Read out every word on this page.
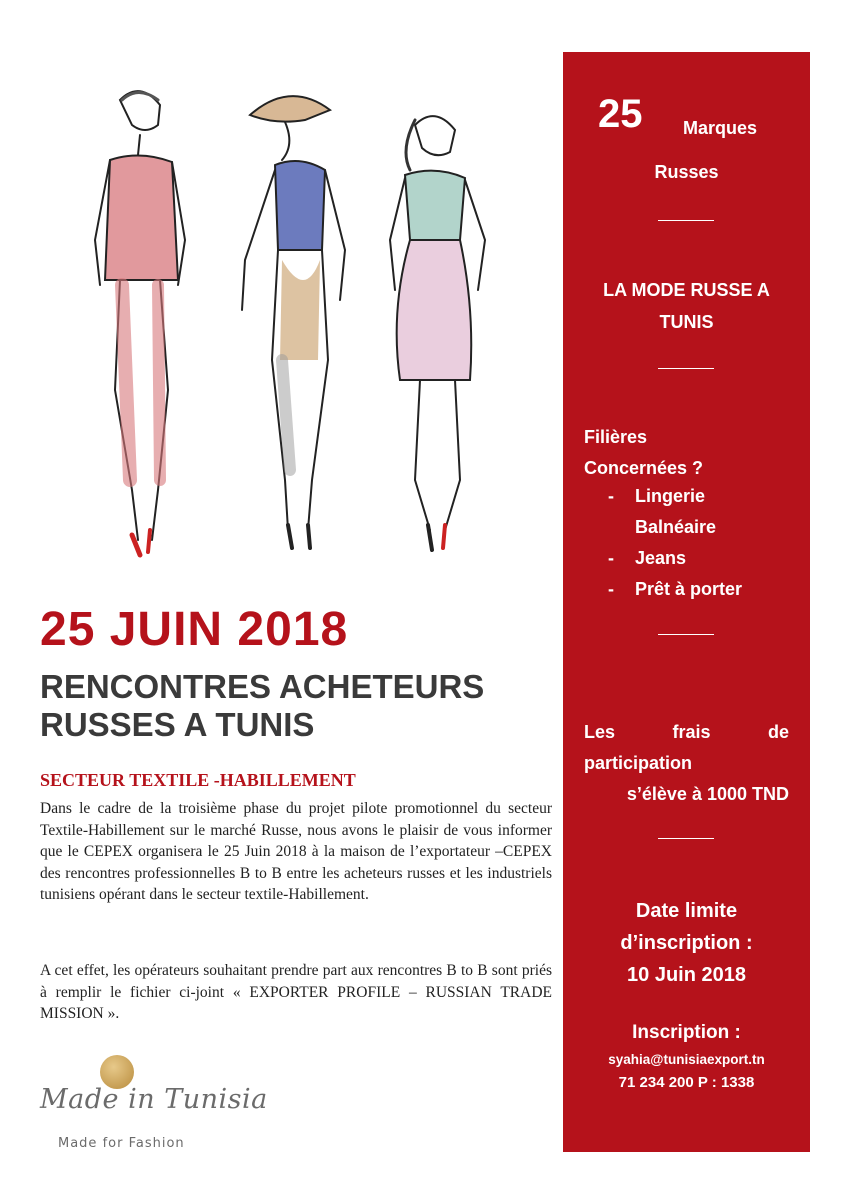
25 JUIN 2018
RENCONTRES ACHETEURS
RUSSES A TUNIS
SECTEUR TEXTILE -HABILLEMENT

Dans le cadre de la troisième phase du projet pilote promotionnel du secteur Textile-Habillement sur le marché Russe, nous avons le plaisir de vous informer que le CEPEX organisera le 25 Juin 2018 à la maison de l’exportateur –CEPEX des rencontres professionnelles B to B entre les acheteurs russes et les industriels tunisiens opérant dans le secteur textile-Habillement.

A cet effet, les opérateurs souhaitant prendre part aux rencontres B to B sont priés à remplir le fichier ci-joint « EXPORTER PROFILE – RUSSIAN TRADE MISSION ».

Made in Tunisia
Made for Fashion
25 Marques

Russes

LA MODE RUSSE A
TUNIS

Filières
Concernées ?

- Lingerie
Balnéaire
- Jeans
- Prêt à porter
Les	frais	de
participation
s’élève à 1000 TND

Date limite
d’inscription :
10 Juin 2018

Inscription :

syahia@tunisiaexport.tn

71 234 200 P : 1338
